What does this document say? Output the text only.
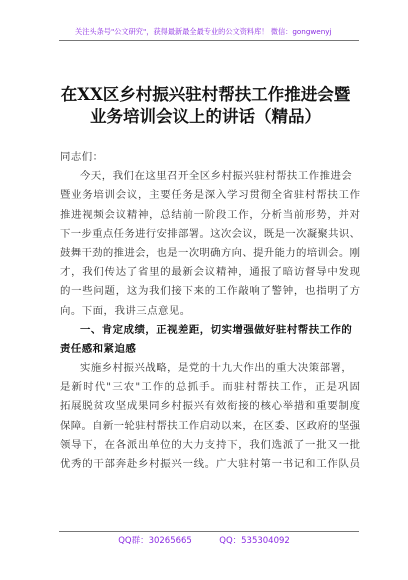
关注头条号"公文研究"，获得最新最全最专业的公文资料库！ 微信：gongwenyj
在XX区乡村振兴驻村帮扶工作推进会暨
业务培训会议上的讲话（精品）
同志们：
今天，我们在这里召开全区乡村振兴驻村帮扶工作推进会
暨业务培训会议，主要任务是深入学习贯彻全省驻村帮扶工作
推进视频会议精神，总结前一阶段工作，分析当前形势，并对
下一步重点任务进行安排部署。这次会议，既是一次凝聚共识、
鼓舞干劲的推进会，也是一次明确方向、提升能力的培训会。刚
才，我们传达了省里的最新会议精神，通报了暗访督导中发现
的一些问题，这为我们接下来的工作敲响了警钟，也指明了方
向。下面，我讲三点意见。
一、肯定成绩，正视差距，切实增强做好驻村帮扶工作的
责任感和紧迫感
实施乡村振兴战略，是党的十九大作出的重大决策部署，
是新时代"三农"工作的总抓手。而驻村帮扶工作，正是巩固
拓展脱贫攻坚成果同乡村振兴有效衔接的核心举措和重要制度
保障。自新一轮驻村帮扶工作启动以来，在区委、区政府的坚强
领导下，在各派出单位的大力支持下，我们选派了一批又一批
优秀的干部奔赴乡村振兴一线。广大驻村第一书记和工作队员
QQ群：30265665	QQ：535304092
